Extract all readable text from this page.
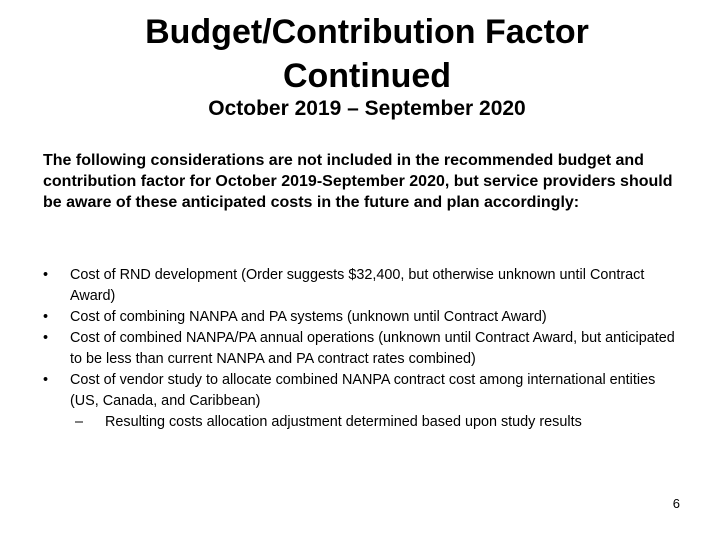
Budget/Contribution Factor
Continued
October 2019 – September 2020
The following considerations are not included in the recommended budget and contribution factor for October 2019-September 2020, but service providers should be aware of these anticipated costs in the future and plan accordingly:
•	Cost of RND development (Order suggests $32,400, but otherwise unknown until Contract Award)
•	Cost of combining NANPA and PA systems (unknown until Contract Award)
•	Cost of combined NANPA/PA annual operations (unknown until Contract Award, but anticipated to be less than current NANPA and PA contract rates combined)
•	Cost of vendor study to allocate combined NANPA contract cost among international entities (US, Canada, and Caribbean)
–	Resulting costs allocation adjustment determined based upon study results
6
